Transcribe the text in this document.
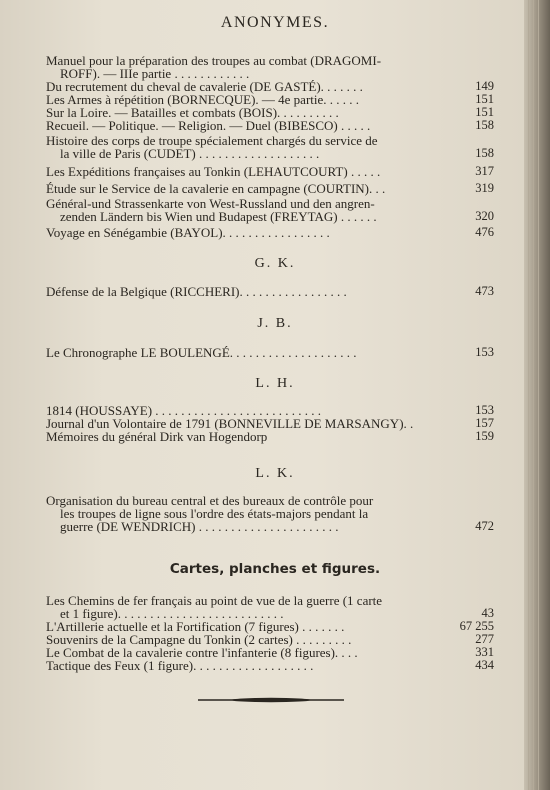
ANONYMES.
Manuel pour la préparation des troupes au combat (DRAGOMI-
ROFF). — IIIe partie . . . . . . . . . . . .
Du recrutement du cheval de cavalerie (DE GASTÉ). . . . . . .	149
Les Armes à répétition (BORNECQUE). — 4e partie. . . . . .	151
Sur la Loire. — Batailles et combats (BOIS). . . . . . . . . .	151
Recueil. — Politique. — Religion. — Duel (BIBESCO) . . . . .	158
Histoire des corps de troupe spécialement chargés du service de
la ville de Paris (CUDET) . . . . . . . . . . . . . . . . . . .	158
Les Expéditions françaises au Tonkin (LEHAUTCOURT) . . . . .	317
Étude sur le Service de la cavalerie en campagne (COURTIN). . .	319
Général-und Strassenkarte von West-Russland und den angren-
zenden Ländern bis Wien und Budapest (FREYTAG) . . . . . .	320
Voyage en Sénégambie (BAYOL). . . . . . . . . . . . . . . . .	476
G. K.
Défense de la Belgique (RICCHERI). . . . . . . . . . . . . . . . .	473
J. B.
Le Chronographe LE BOULENGÉ. . . . . . . . . . . . . . . . . . . .	153
L. H.
1814 (HOUSSAYE) . . . . . . . . . . . . . . . . . . . . . . . . . .	153
Journal d'un Volontaire de 1791 (BONNEVILLE DE MARSANGY). .	157
Mémoires du général Dirk van Hogendorp	159
L. K.
Organisation du bureau central et des bureaux de contrôle pour
les troupes de ligne sous l'ordre des états-majors pendant la
guerre (DE WENDRICH) . . . . . . . . . . . . . . . . . . . . . .	472
Cartes, planches et figures.
Les Chemins de fer français au point de vue de la guerre (1 carte
et 1 figure). . . . . . . . . . . . . . . . . . . . . . . . . .	43
L'Artillerie actuelle et la Fortification (7 figures) . . . . . . .	67 255
Souvenirs de la Campagne du Tonkin (2 cartes) . . . . . . . . .	277
Le Combat de la cavalerie contre l'infanterie (8 figures). . . .	331
Tactique des Feux (1 figure). . . . . . . . . . . . . . . . . . .	434
